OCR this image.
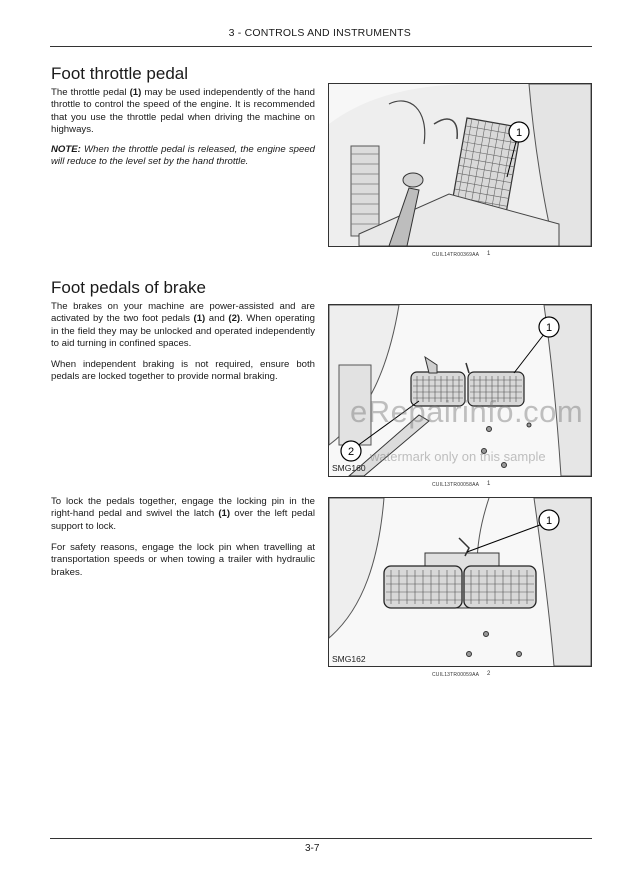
3 - CONTROLS AND INSTRUMENTS
Foot throttle pedal

The throttle pedal (1) may be used independently of the hand throttle to control the speed of the engine. It is recommended that you use the throttle pedal when driving the machine on highways.

NOTE: When the throttle pedal is released, the engine speed will reduce to the level set by the hand throttle.

1
CUIL14TR00369AA 1
Foot pedals of brake

The brakes on your machine are power-assisted and are activated by the two foot pedals (1) and (2). When operating in the field they may be unlocked and operated independently to aid turning in confined spaces.

When independent braking is not required, ensure both pedals are locked together to provide normal braking.

1
2
SMG160
CUIL13TR00058AA 1
eRepairinfo.com
watermark only on this sample

To lock the pedals together, engage the locking pin in the right-hand pedal and swivel the latch (1) over the left pedal support to lock.

For safety reasons, engage the lock pin when travelling at transportation speeds or when towing a trailer with hydraulic brakes.

1
SMG162
CUIL13TR00059AA 2
3-7
